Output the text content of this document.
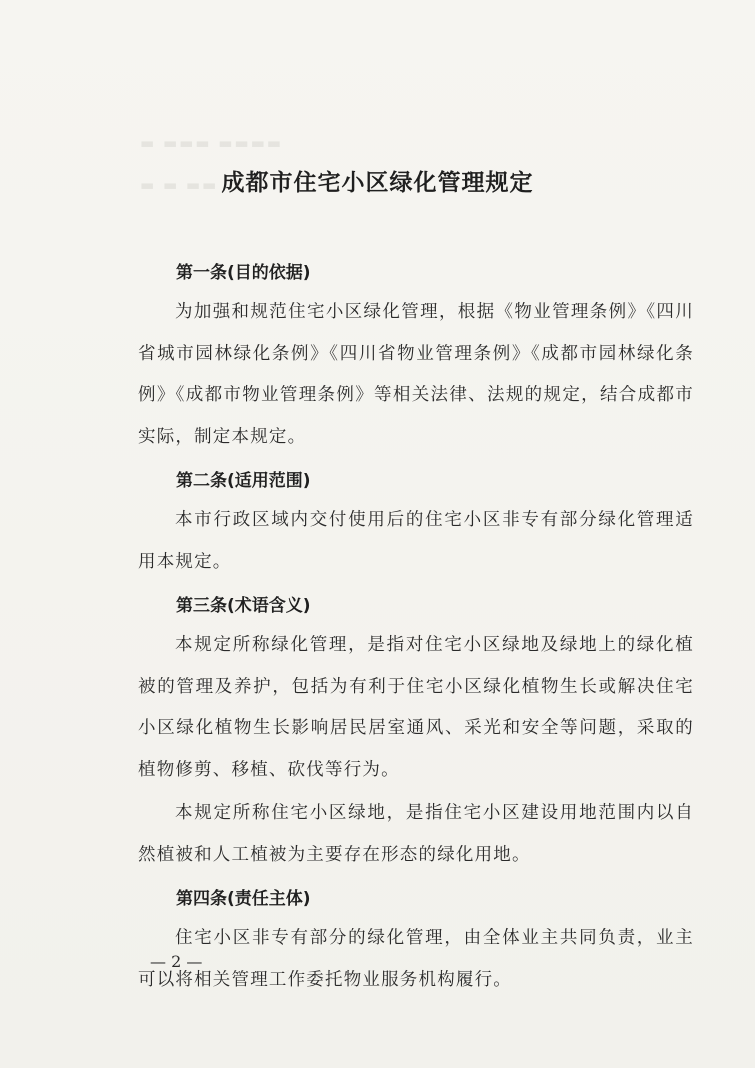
▬ ▬▬▬ ▬▬▬▬
▬ ▬ ▬▬ 成都市住宅小区绿化管理规定
第一条(目的依据)
为加强和规范住宅小区绿化管理，根据《物业管理条例》《四川省城市园林绿化条例》《四川省物业管理条例》《成都市园林绿化条例》《成都市物业管理条例》等相关法律、法规的规定，结合成都市实际，制定本规定。
第二条(适用范围)
本市行政区域内交付使用后的住宅小区非专有部分绿化管理适用本规定。
第三条(术语含义)
本规定所称绿化管理，是指对住宅小区绿地及绿地上的绿化植被的管理及养护，包括为有利于住宅小区绿化植物生长或解决住宅小区绿化植物生长影响居民居室通风、采光和安全等问题，采取的植物修剪、移植、砍伐等行为。
本规定所称住宅小区绿地，是指住宅小区建设用地范围内以自然植被和人工植被为主要存在形态的绿化用地。
第四条(责任主体)
住宅小区非专有部分的绿化管理，由全体业主共同负责，业主可以将相关管理工作委托物业服务机构履行。
— 2 —
